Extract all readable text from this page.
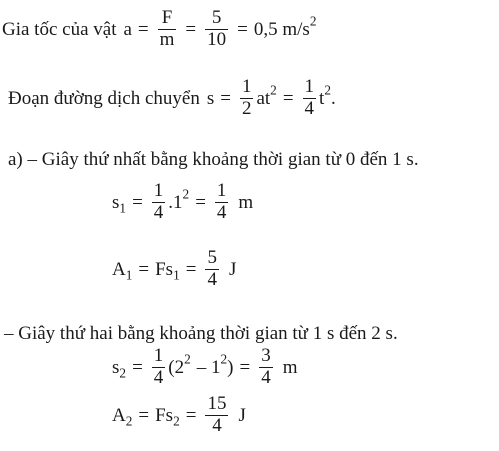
Gia tốc của vật $a = \frac{F}{m} = \frac{5}{10} = 0,5$ $m/s^2$
Đoạn đường dịch chuyển $s = \frac{1}{2} at^2 = \frac{1}{4} t^2$.
a) – Giây thứ nhất bằng khoảng thời gian từ 0 đến 1 s.
$s_1 = \frac{1}{4} .1^2 = \frac{1}{4}$ m
$A_1 = Fs_1 = \frac{5}{4}$ J
– Giây thứ hai bằng khoảng thời gian từ 1 s đến 2 s.
$s_2 = \frac{1}{4} (2^2 - 1^2) = \frac{3}{4}$ m
$A_2 = Fs_2 = \frac{15}{4}$ J
